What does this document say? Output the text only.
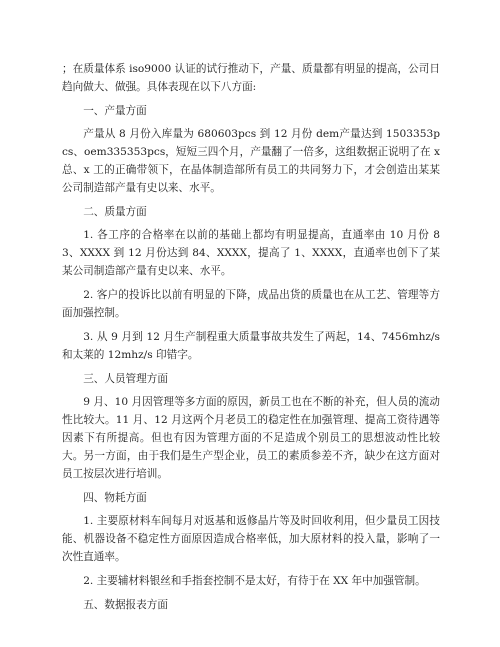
；在质量体系 iso9000 认证的试行推动下，产量、质量都有明显的提高，公司日趋向做大、做强。具体表现在以下八方面:

一、产量方面

产量从 8 月份入库量为 680603pcs 到 12 月份 dem产量达到 1503353pcs、oem335353pcs，短短三四个月，产量翻了一倍多，这组数据正说明了在 x 总、x 工的正确带领下，在晶体制造部所有员工的共同努力下，才会创造出某某公司制造部产量有史以来、水平。

二、质量方面

1. 各工序的合格率在以前的基础上都均有明显提高，直通率由 10 月份 83、XXXX 到 12 月份达到 84、XXXX，提高了 1、XXXX，直通率也创下了某某公司制造部产量有史以来、水平。

2. 客户的投诉比以前有明显的下降，成品出货的质量也在从工艺、管理等方面加强控制。

3. 从 9 月到 12 月生产制程重大质量事故共发生了两起，14、7456mhz/s 和太莱的 12mhz/s 印错字。

三、人员管理方面

9 月、10 月因管理等多方面的原因，新员工也在不断的补充，但人员的流动性比较大。11 月、12 月这两个月老员工的稳定性在加强管理、提高工资待遇等因素下有所提高。但也有因为管理方面的不足造成个别员工的思想波动性比较大。另一方面，由于我们是生产型企业，员工的素质参差不齐，缺少在这方面对员工按层次进行培训。

四、物耗方面

1. 主要原材料车间每月对返基和返修晶片等及时回收利用，但少量员工因技能、机器设备不稳定性方面原因造成合格率低，加大原材料的投入量，影响了一次性直通率。

2. 主要辅材料银丝和手指套控制不是太好，有待于在 XX 年中加强管制。

五、数据报表方面
